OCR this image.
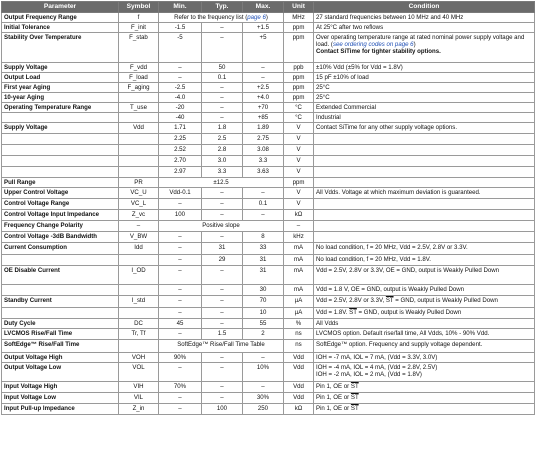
Parameter	Symbol	Min.	Typ.	Max.	Unit	Condition
Output Frequency Range	f	Refer to the frequency list (page 6)			MHz	27 standard frequencies between 10 MHz and 40 MHz
Initial Tolerance	F_init	-1.5	–	+1.5	ppm	At 25°C after two reflows
Stability Over Temperature	F_stab	-5	–	+5	ppm	Over operating temperature range at rated nominal power supply voltage and load. (see ordering codes on page 6)
Contact SiTime for tighter stability options.
Supply Voltage	F_vdd	–	50	–	ppb	±10% Vdd (±5% for Vdd = 1.8V)
Output Load	F_load	–	0.1	–	ppm	15 pF ±10% of load
First year Aging	F_aging	-2.5	–	+2.5	ppm	25°C
10-year Aging		-4.0	–	+4.0	ppm	25°C
Operating Temperature Range	T_use	-20	–	+70	°C	Extended Commercial
		-40	–	+85	°C	Industrial
Supply Voltage	Vdd	1.71	1.8	1.89	V	Contact SiTime for any other supply voltage options.
		2.25	2.5	2.75	V	
		2.52	2.8	3.08	V	
		2.70	3.0	3.3	V	
		2.97	3.3	3.63	V	
Pull Range	PR	±12.5			ppm	
Upper Control Voltage	VC_U	Vdd-0.1	–	–	V	All Vdds. Voltage at which maximum deviation is guaranteed.
Control Voltage Range	VC_L	–	–	0.1	V	
Control Voltage Input Impedance	Z_vc	100	–	–	kΩ	
Frequency Change Polarity	–	Positive slope			–	
Control Voltage -3dB Bandwidth	V_BW	–	–	8	kHz	
Current Consumption	Idd	–	31	33	mA	No load condition, f = 20 MHz, Vdd = 2.5V, 2.8V or 3.3V.
		–	29	31	mA	No load condition, f = 20 MHz, Vdd = 1.8V.
OE Disable Current	I_OD	–	–	31	mA	Vdd = 2.5V, 2.8V or 3.3V, OE = GND, output is Weakly Pulled Down
		–	–	30	mA	Vdd = 1.8 V, OE = GND, output is Weakly Pulled Down
Standby Current	I_std	–	–	70	µA	Vdd = 2.5V, 2.8V or 3.3V, $\overline{ST}$ = GND, output is Weakly Pulled Down
		–	–	10	µA	Vdd = 1.8V. $\overline{ST}$ = GND, output is Weakly Pulled Down
Duty Cycle	DC	45	–	55	%	All Vdds
LVCMOS Rise/Fall Time	Tr, Tf	–	1.5	2	ns	LVCMOS option. Default rise/fall time, All Vdds, 10% - 90% Vdd.
SoftEdge™ Rise/Fall Time		SoftEdge™ Rise/Fall Time Table			ns	SoftEdge™ option. Frequency and supply voltage dependent.
Output Voltage High	VOH	90%	–	–	Vdd	IOH = -7 mA, IOL = 7 mA, (Vdd = 3.3V, 3.0V)
Output Voltage Low	VOL	–	–	10%	Vdd	IOH = -4 mA, IOL = 4 mA, (Vdd = 2.8V, 2.5V)
IOH = -2 mA, IOL = 2 mA, (Vdd = 1.8V)
Input Voltage High	VIH	70%	–	–	Vdd	Pin 1, OE or $\overline{ST}$
Input Voltage Low	VIL	–	–	30%	Vdd	Pin 1, OE or $\overline{ST}$
Input Pull-up Impedance	Z_in	–	100	250	kΩ	Pin 1, OE or $\overline{ST}$
